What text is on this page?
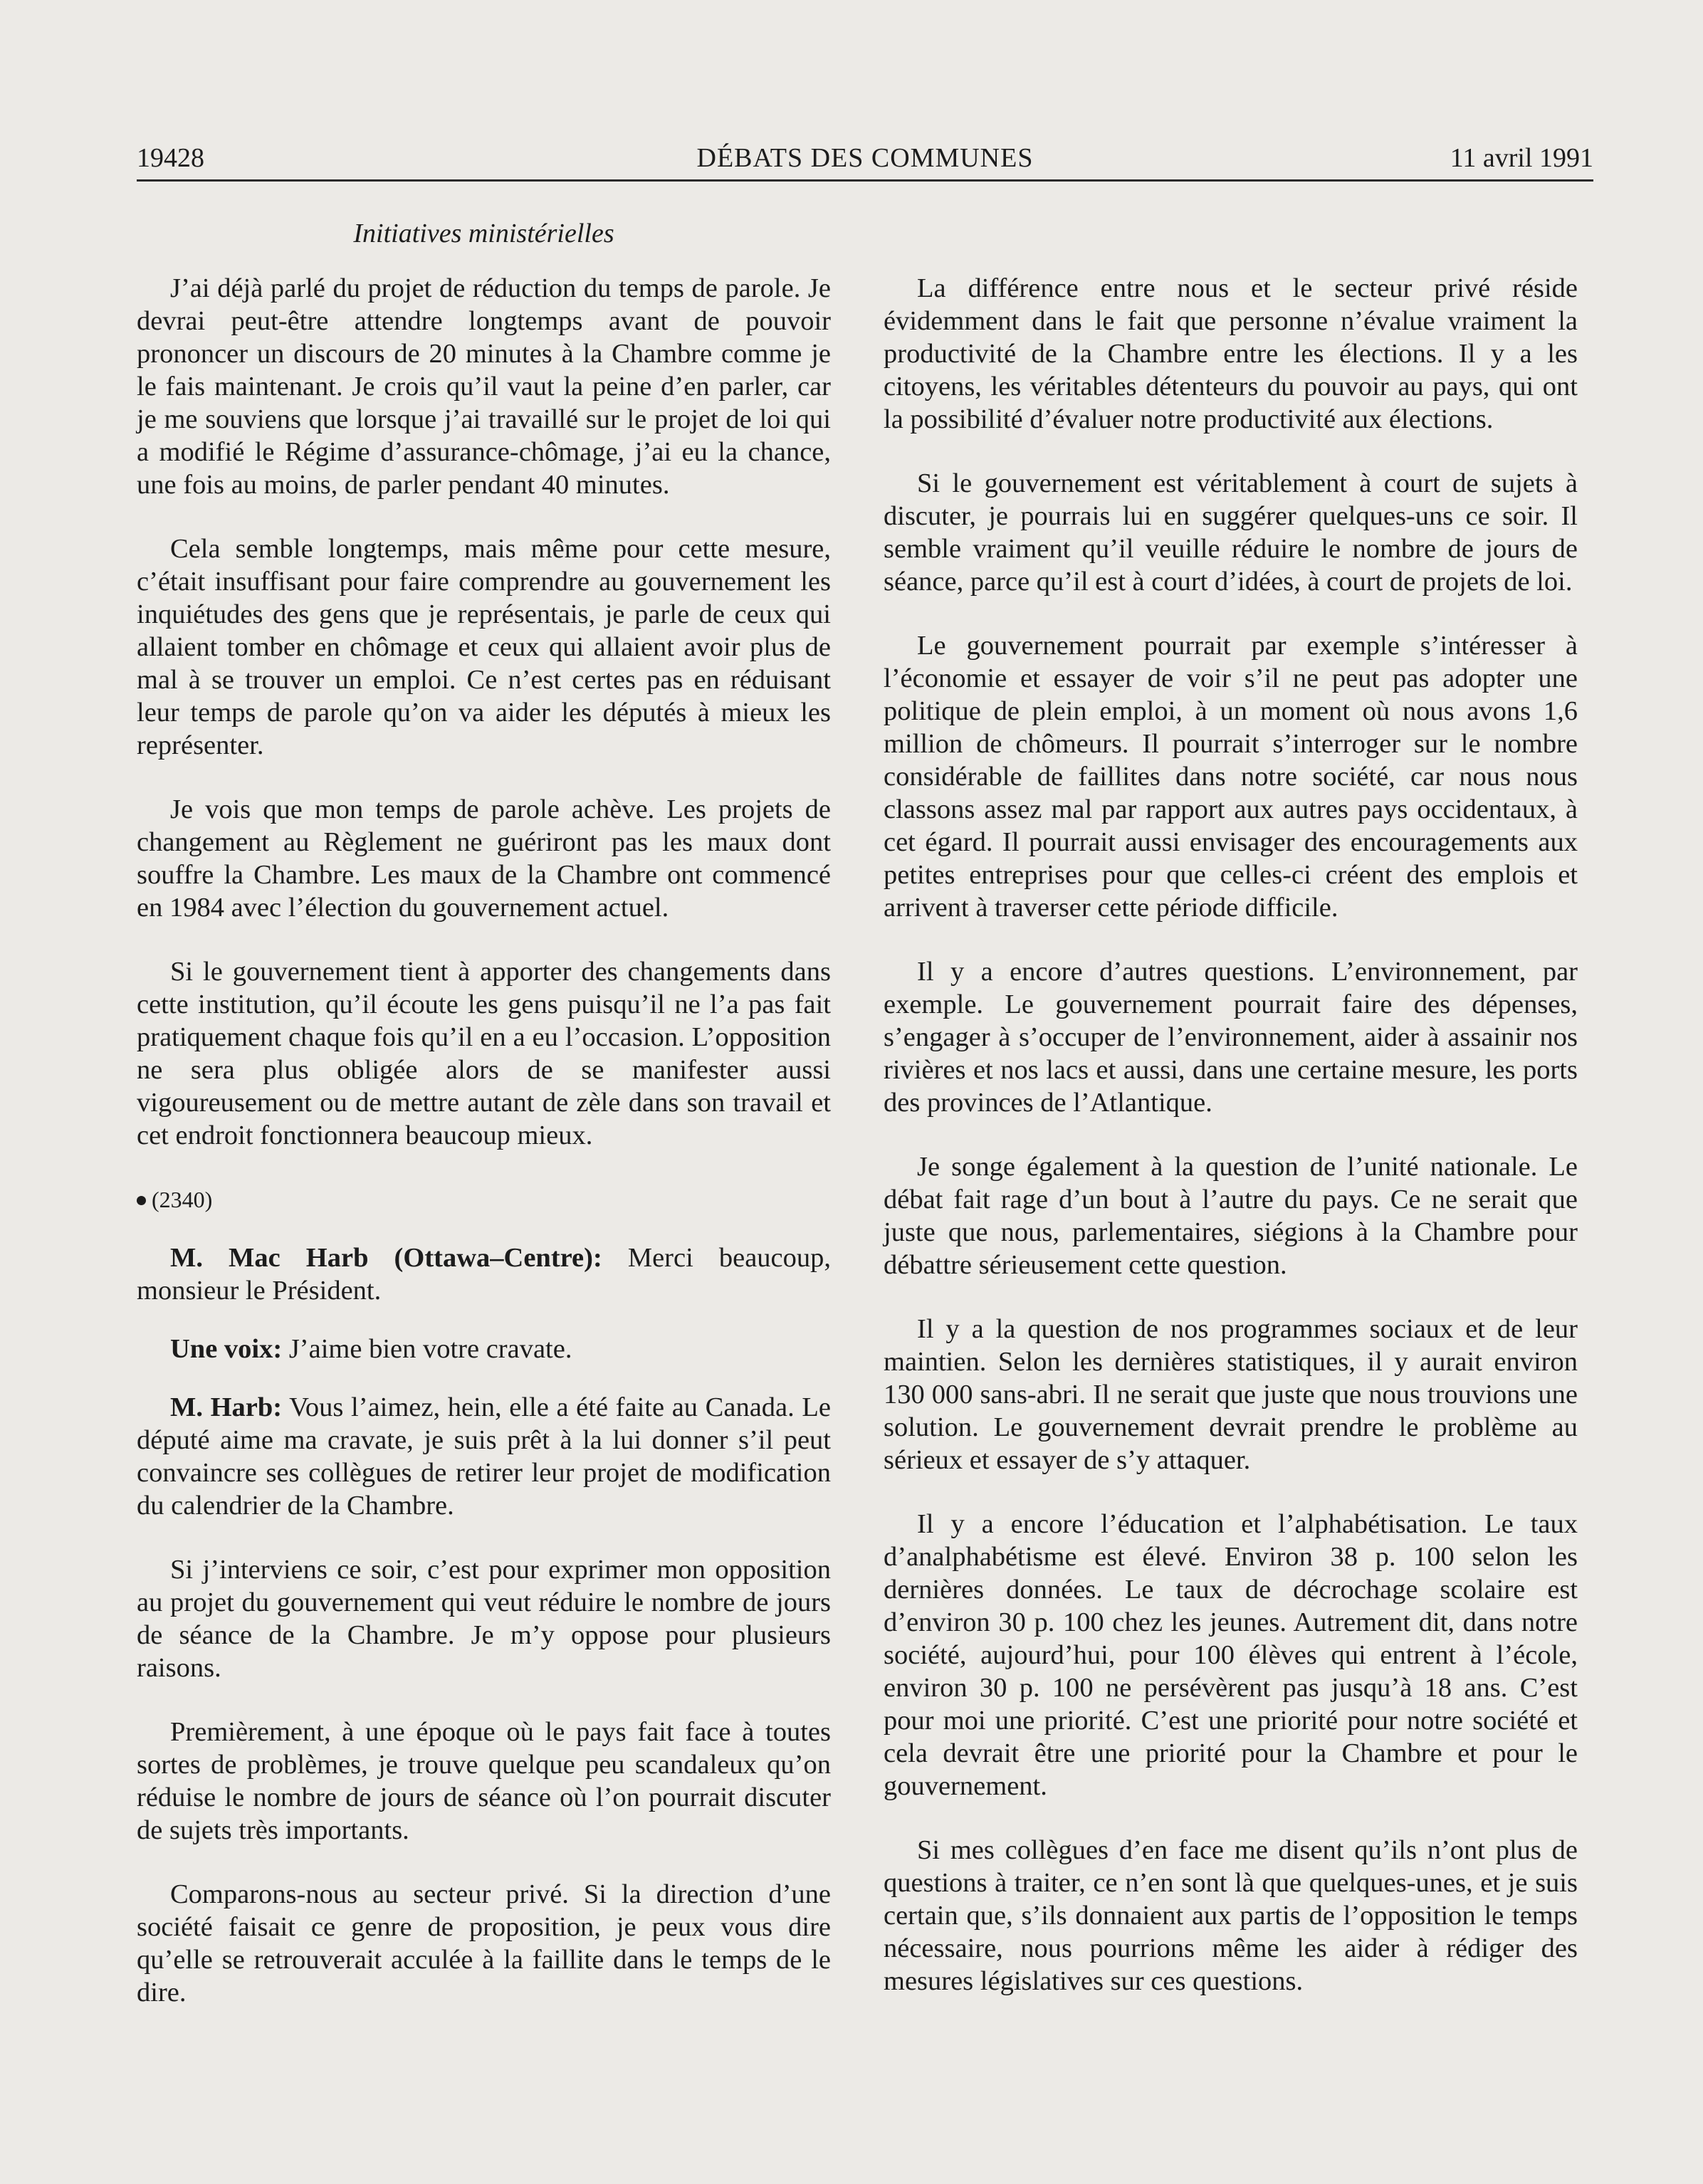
19428	DÉBATS DES COMMUNES	11 avril 1991
Initiatives ministérielles

J’ai déjà parlé du projet de réduction du temps de parole. Je devrai peut-être attendre longtemps avant de pouvoir prononcer un discours de 20 minutes à la Chambre comme je le fais maintenant. Je crois qu’il vaut la peine d’en parler, car je me souviens que lorsque j’ai travaillé sur le projet de loi qui a modifié le Régime d’assurance-chômage, j’ai eu la chance, une fois au moins, de parler pendant 40 minutes.

Cela semble longtemps, mais même pour cette mesure, c’était insuffisant pour faire comprendre au gouvernement les inquiétudes des gens que je représentais, je parle de ceux qui allaient tomber en chômage et ceux qui allaient avoir plus de mal à se trouver un emploi. Ce n’est certes pas en réduisant leur temps de parole qu’on va aider les députés à mieux les représenter.

Je vois que mon temps de parole achève. Les projets de changement au Règlement ne guériront pas les maux dont souffre la Chambre. Les maux de la Chambre ont commencé en 1984 avec l’élection du gouvernement actuel.

Si le gouvernement tient à apporter des changements dans cette institution, qu’il écoute les gens puisqu’il ne l’a pas fait pratiquement chaque fois qu’il en a eu l’occasion. L’opposition ne sera plus obligée alors de se manifester aussi vigoureusement ou de mettre autant de zèle dans son travail et cet endroit fonctionnera beaucoup mieux.

(2340)

M. Mac Harb (Ottawa–Centre): Merci beaucoup, monsieur le Président.

Une voix: J’aime bien votre cravate.

M. Harb: Vous l’aimez, hein, elle a été faite au Canada. Le député aime ma cravate, je suis prêt à la lui donner s’il peut convaincre ses collègues de retirer leur projet de modification du calendrier de la Chambre.

Si j’interviens ce soir, c’est pour exprimer mon opposition au projet du gouvernement qui veut réduire le nombre de jours de séance de la Chambre. Je m’y oppose pour plusieurs raisons.

Premièrement, à une époque où le pays fait face à toutes sortes de problèmes, je trouve quelque peu scandaleux qu’on réduise le nombre de jours de séance où l’on pourrait discuter de sujets très importants.

Comparons-nous au secteur privé. Si la direction d’une société faisait ce genre de proposition, je peux vous dire qu’elle se retrouverait acculée à la faillite dans le temps de le dire.

La différence entre nous et le secteur privé réside évidemment dans le fait que personne n’évalue vraiment la productivité de la Chambre entre les élections. Il y a les citoyens, les véritables détenteurs du pouvoir au pays, qui ont la possibilité d’évaluer notre productivité aux élections.

Si le gouvernement est véritablement à court de sujets à discuter, je pourrais lui en suggérer quelques-uns ce soir. Il semble vraiment qu’il veuille réduire le nombre de jours de séance, parce qu’il est à court d’idées, à court de projets de loi.

Le gouvernement pourrait par exemple s’intéresser à l’économie et essayer de voir s’il ne peut pas adopter une politique de plein emploi, à un moment où nous avons 1,6 million de chômeurs. Il pourrait s’interroger sur le nombre considérable de faillites dans notre société, car nous nous classons assez mal par rapport aux autres pays occidentaux, à cet égard. Il pourrait aussi envisager des encouragements aux petites entreprises pour que celles-ci créent des emplois et arrivent à traverser cette période difficile.

Il y a encore d’autres questions. L’environnement, par exemple. Le gouvernement pourrait faire des dépenses, s’engager à s’occuper de l’environnement, aider à assainir nos rivières et nos lacs et aussi, dans une certaine mesure, les ports des provinces de l’Atlantique.

Je songe également à la question de l’unité nationale. Le débat fait rage d’un bout à l’autre du pays. Ce ne serait que juste que nous, parlementaires, siégions à la Chambre pour débattre sérieusement cette question.

Il y a la question de nos programmes sociaux et de leur maintien. Selon les dernières statistiques, il y aurait environ 130 000 sans-abri. Il ne serait que juste que nous trouvions une solution. Le gouvernement devrait prendre le problème au sérieux et essayer de s’y attaquer.

Il y a encore l’éducation et l’alphabétisation. Le taux d’analphabétisme est élevé. Environ 38 p. 100 selon les dernières données. Le taux de décrochage scolaire est d’environ 30 p. 100 chez les jeunes. Autrement dit, dans notre société, aujourd’hui, pour 100 élèves qui entrent à l’école, environ 30 p. 100 ne persévèrent pas jusqu’à 18 ans. C’est pour moi une priorité. C’est une priorité pour notre société et cela devrait être une priorité pour la Chambre et pour le gouvernement.

Si mes collègues d’en face me disent qu’ils n’ont plus de questions à traiter, ce n’en sont là que quelques-unes, et je suis certain que, s’ils donnaient aux partis de l’opposition le temps nécessaire, nous pourrions même les aider à rédiger des mesures législatives sur ces questions.
